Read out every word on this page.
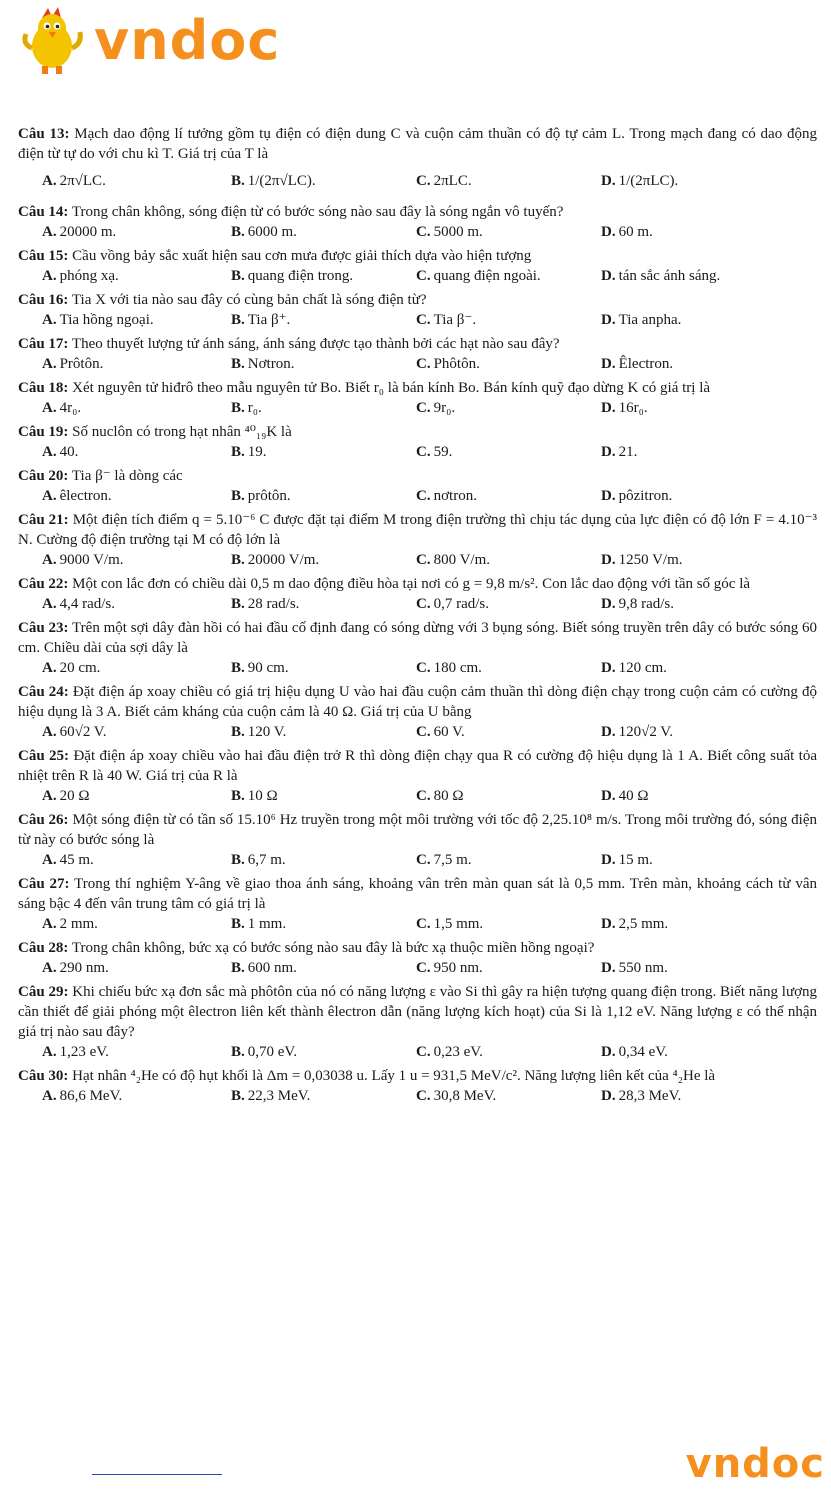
vndoc
Câu 13: Mạch dao động lí tưởng gồm tụ điện có điện dung C và cuộn cảm thuần có độ tự cảm L. Trong mạch đang có dao động điện từ tự do với chu kì T. Giá trị của T là
A. 2π√LC.	B. 1/(2π√LC).	C. 2πLC.	D. 1/(2πLC).
Câu 14: Trong chân không, sóng điện từ có bước sóng nào sau đây là sóng ngắn vô tuyến?
A. 20000 m.	B. 6000 m.	C. 5000 m.	D. 60 m.
Câu 15: Cầu vồng bảy sắc xuất hiện sau cơn mưa được giải thích dựa vào hiện tượng
A. phóng xạ.	B. quang điện trong.	C. quang điện ngoài.	D. tán sắc ánh sáng.
Câu 16: Tia X với tia nào sau đây có cùng bản chất là sóng điện từ?
A. Tia hồng ngoại.	B. Tia β⁺.	C. Tia β⁻.	D. Tia anpha.
Câu 17: Theo thuyết lượng tử ánh sáng, ánh sáng được tạo thành bởi các hạt nào sau đây?
A. Prôtôn.	B. Nơtron.	C. Phôtôn.	D. Êlectron.
Câu 18: Xét nguyên tử hiđrô theo mẫu nguyên tử Bo. Biết r₀ là bán kính Bo. Bán kính quỹ đạo dừng K có giá trị là
A. 4r₀.	B. r₀.	C. 9r₀.	D. 16r₀.
Câu 19: Số nuclôn có trong hạt nhân ⁴⁰₁₉K là
A. 40.	B. 19.	C. 59.	D. 21.
Câu 20: Tia β⁻ là dòng các
A. êlectron.	B. prôtôn.	C. nơtron.	D. pôzitron.
Câu 21: Một điện tích điểm q = 5.10⁻⁶ C được đặt tại điểm M trong điện trường thì chịu tác dụng của lực điện có độ lớn F = 4.10⁻³ N. Cường độ điện trường tại M có độ lớn là
A. 9000 V/m.	B. 20000 V/m.	C. 800 V/m.	D. 1250 V/m.
Câu 22: Một con lắc đơn có chiều dài 0,5 m dao động điều hòa tại nơi có g = 9,8 m/s². Con lắc dao động với tần số góc là
A. 4,4 rad/s.	B. 28 rad/s.	C. 0,7 rad/s.	D. 9,8 rad/s.
Câu 23: Trên một sợi dây đàn hồi có hai đầu cố định đang có sóng dừng với 3 bụng sóng. Biết sóng truyền trên dây có bước sóng 60 cm. Chiều dài của sợi dây là
A. 20 cm.	B. 90 cm.	C. 180 cm.	D. 120 cm.
Câu 24: Đặt điện áp xoay chiều có giá trị hiệu dụng U vào hai đầu cuộn cảm thuần thì dòng điện chạy trong cuộn cảm có cường độ hiệu dụng là 3 A. Biết cảm kháng của cuộn cảm là 40 Ω. Giá trị của U bằng
A. 60√2 V.	B. 120 V.	C. 60 V.	D. 120√2 V.
Câu 25: Đặt điện áp xoay chiều vào hai đầu điện trở R thì dòng điện chạy qua R có cường độ hiệu dụng là 1 A. Biết công suất tỏa nhiệt trên R là 40 W. Giá trị của R là
A. 20 Ω	B. 10 Ω	C. 80 Ω	D. 40 Ω
Câu 26: Một sóng điện từ có tần số 15.10⁶ Hz truyền trong một môi trường với tốc độ 2,25.10⁸ m/s. Trong môi trường đó, sóng điện từ này có bước sóng là
A. 45 m.	B. 6,7 m.	C. 7,5 m.	D. 15 m.
Câu 27: Trong thí nghiệm Y-âng về giao thoa ánh sáng, khoảng vân trên màn quan sát là 0,5 mm. Trên màn, khoảng cách từ vân sáng bậc 4 đến vân trung tâm có giá trị là
A. 2 mm.	B. 1 mm.	C. 1,5 mm.	D. 2,5 mm.
Câu 28: Trong chân không, bức xạ có bước sóng nào sau đây là bức xạ thuộc miền hồng ngoại?
A. 290 nm.	B. 600 nm.	C. 950 nm.	D. 550 nm.
Câu 29: Khi chiếu bức xạ đơn sắc mà phôtôn của nó có năng lượng ε vào Si thì gây ra hiện tượng quang điện trong. Biết năng lượng cần thiết để giải phóng một êlectron liên kết thành êlectron dẫn (năng lượng kích hoạt) của Si là 1,12 eV. Năng lượng ε có thể nhận giá trị nào sau đây?
A. 1,23 eV.	B. 0,70 eV.	C. 0,23 eV.	D. 0,34 eV.
Câu 30: Hạt nhân ⁴₂He có độ hụt khối là Δm = 0,03038 u. Lấy 1 u = 931,5 MeV/c². Năng lượng liên kết của ⁴₂He là
A. 86,6 MeV.	B. 22,3 MeV.	C. 30,8 MeV.	D. 28,3 MeV.
vndoc
